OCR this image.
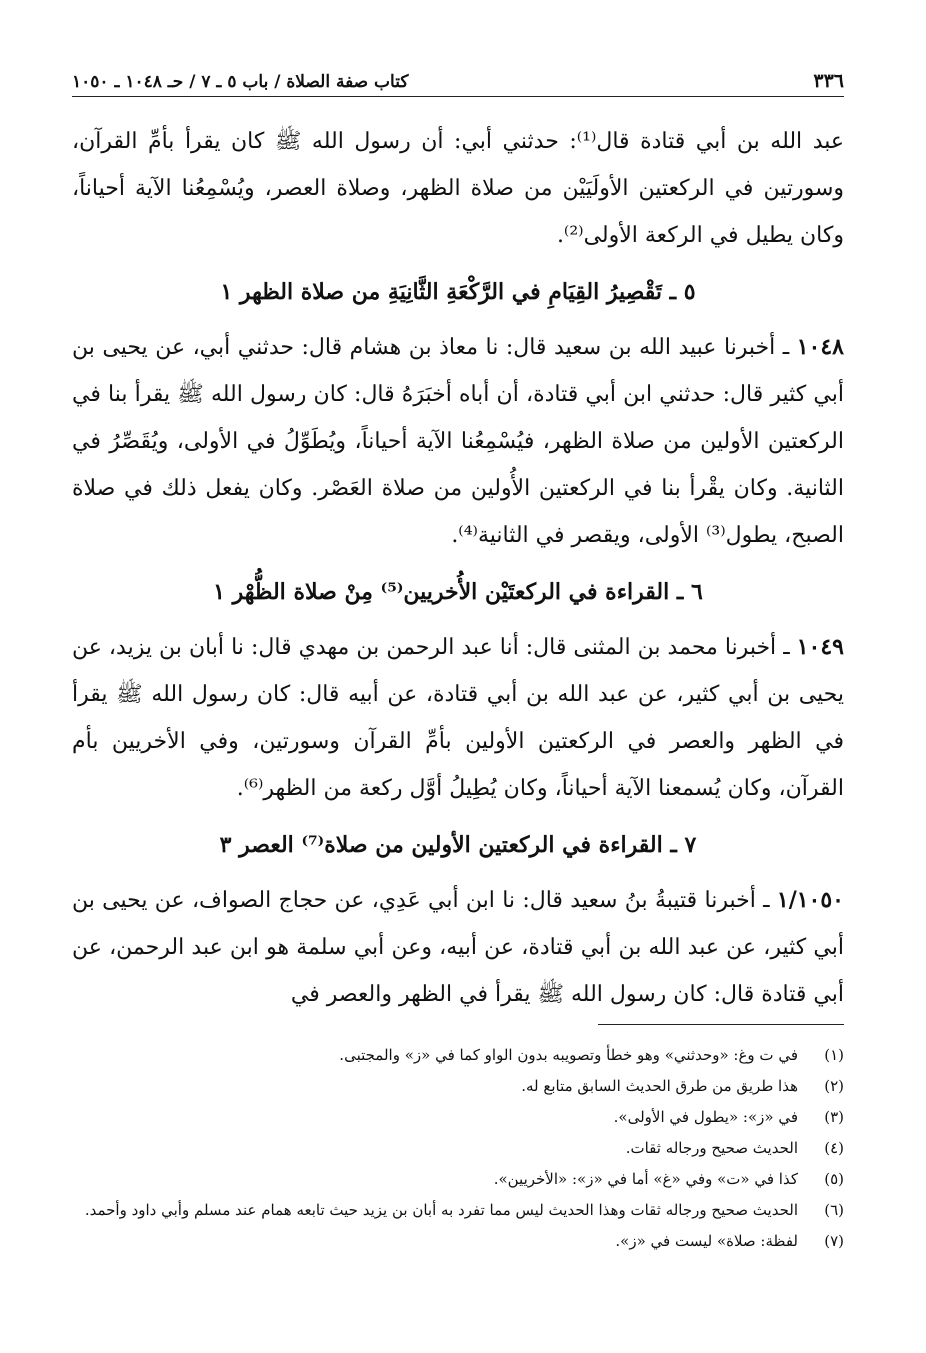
٣٣٦
كتاب صفة الصلاة / باب ٥ ـ ٧ / حـ ١٠٤٨ ـ ١٠٥٠

عبد الله بن أبي قتادة قال⁽¹⁾: حدثني أبي: أن رسول الله ﷺ كان يقرأ بأمِّ القرآن، وسورتين في الركعتين الأولَيَيْن من صلاة الظهر، وصلاة العصر، ويُسْمِعُنا الآية أحياناً، وكان يطيل في الركعة الأولى⁽²⁾.

٥ ـ تَقْصِيرُ القِيَامِ في الرَّكْعَةِ الثَّانِيَةِ من صلاة الظهر ١

١٠٤٨ ـ أخبرنا عبيد الله بن سعيد قال: نا معاذ بن هشام قال: حدثني أبي، عن يحيى بن أبي كثير قال: حدثني ابن أبي قتادة، أن أباه أخبَرَهُ قال: كان رسول الله ﷺ يقرأ بنا في الركعتين الأولين من صلاة الظهر، فيُسْمِعُنا الآية أحياناً، ويُطَوِّلُ في الأولى، ويُقَصِّرُ في الثانية. وكان يقْرأ بنا في الركعتين الأُولين من صلاة العَصْر. وكان يفعل ذلك في صلاة الصبح، يطول⁽³⁾ الأولى، ويقصر في الثانية⁽⁴⁾.

٦ ـ القراءة في الركعتَيْن الأُخريين⁽⁵⁾ مِنْ صلاة الظُّهْر ١

١٠٤٩ ـ أخبرنا محمد بن المثنى قال: أنا عبد الرحمن بن مهدي قال: نا أبان بن يزيد، عن يحيى بن أبي كثير، عن عبد الله بن أبي قتادة، عن أبيه قال: كان رسول الله ﷺ يقرأ في الظهر والعصر في الركعتين الأولين بأمِّ القرآن وسورتين، وفي الأخريين بأم القرآن، وكان يُسمعنا الآية أحياناً، وكان يُطِيلُ أوَّل ركعة من الظهر⁽⁶⁾.

٧ ـ القراءة في الركعتين الأولين من صلاة⁽⁷⁾ العصر ٣

١/١٠٥٠ ـ أخبرنا قتيبةُ بنُ سعيد قال: نا ابن أبي عَدِي، عن حجاج الصواف، عن يحيى بن أبي كثير، عن عبد الله بن أبي قتادة، عن أبيه، وعن أبي سلمة هو ابن عبد الرحمن، عن أبي قتادة قال: كان رسول الله ﷺ يقرأ في الظهر والعصر في

(١)
في ت وغ: «وحدثني» وهو خطأ وتصويبه بدون الواو كما في «ز» والمجتبى.
(٢)
هذا طريق من طرق الحديث السابق متابع له.
(٣)
في «ز»: «يطول في الأولى».
(٤)
الحديث صحيح ورجاله ثقات.
(٥)
كذا في «ت» وفي «غ» أما في «ز»: «الأخريين».
(٦)
الحديث صحيح ورجاله ثقات وهذا الحديث ليس مما تفرد به أبان بن يزيد حيث تابعه همام عند مسلم وأبي داود وأحمد.
(٧)
لفظة: صلاة» ليست في «ز».
